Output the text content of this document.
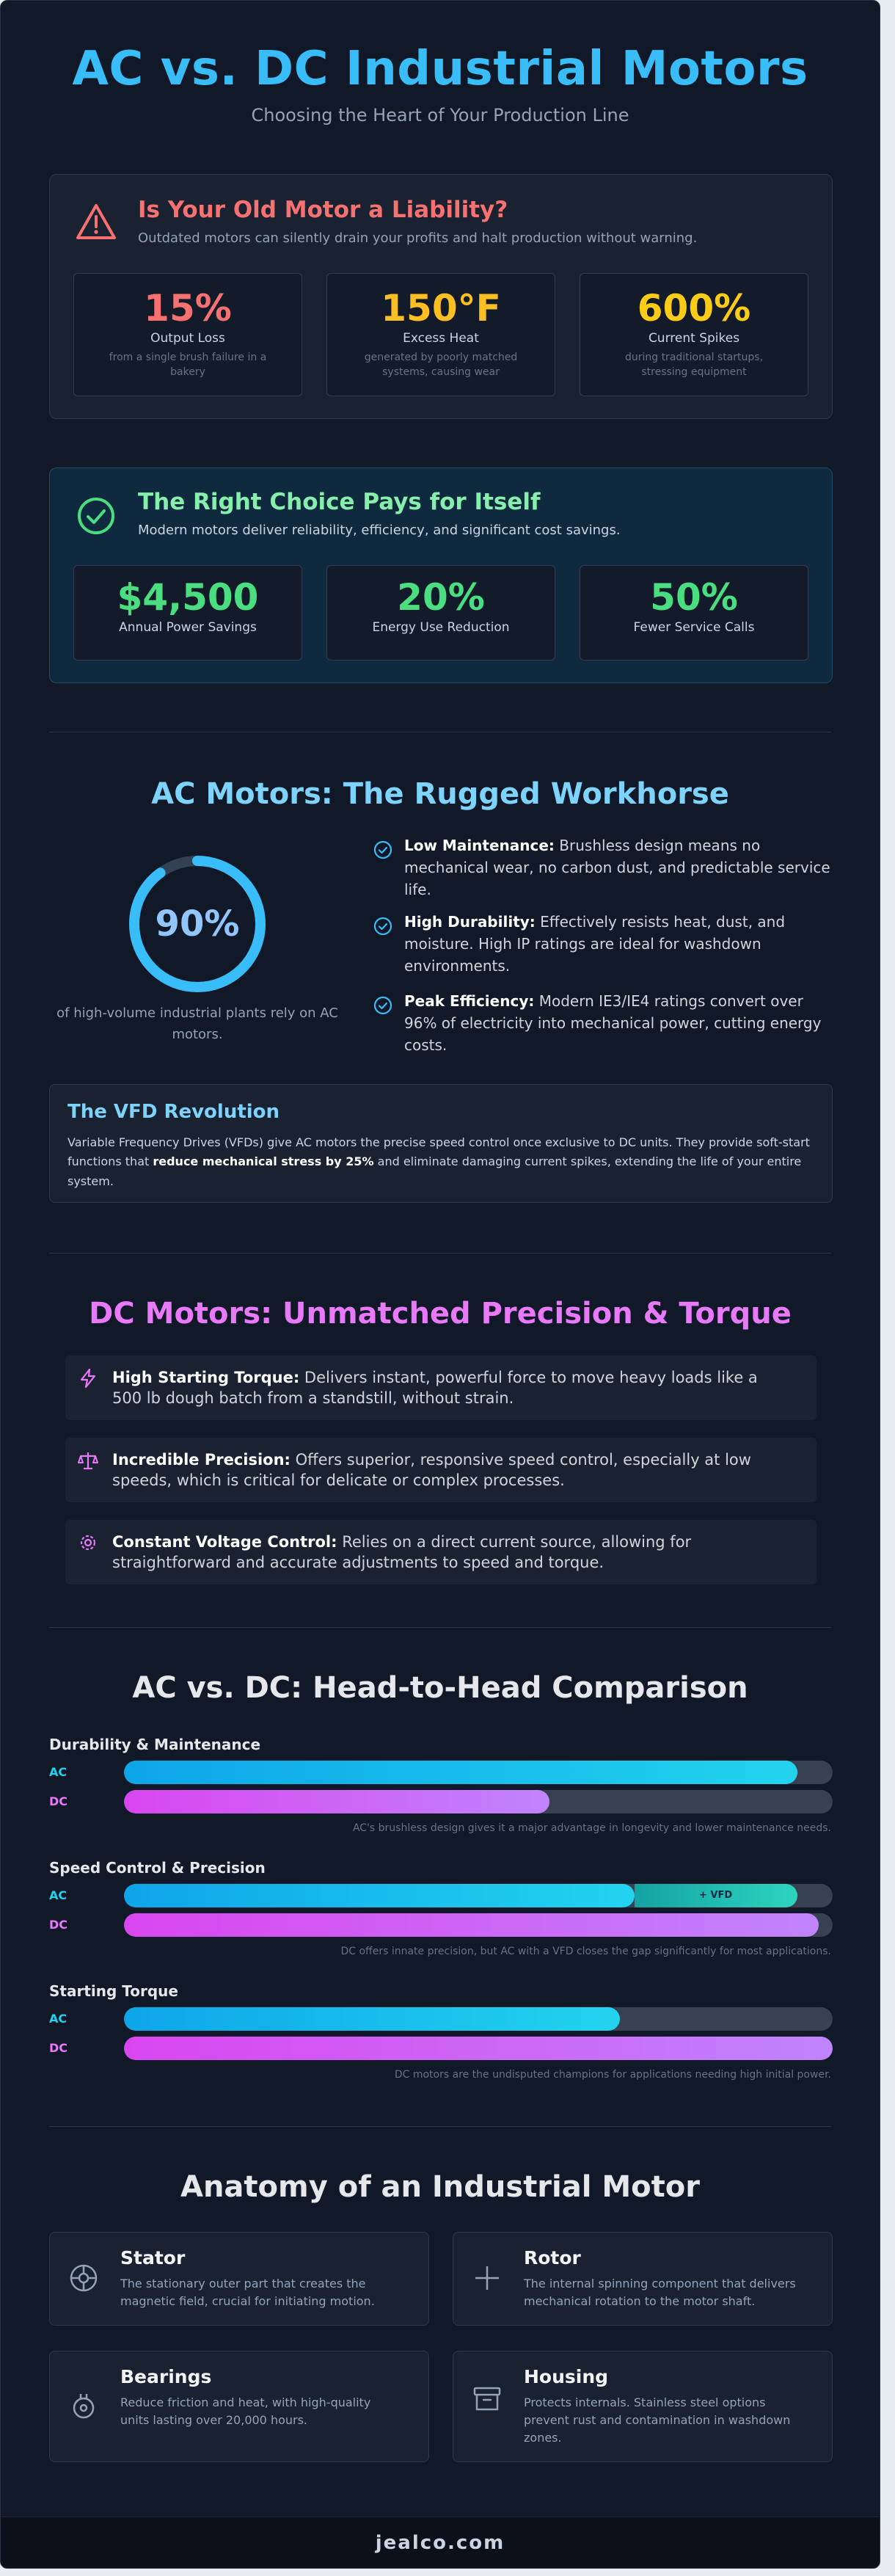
AC vs. DC Industrial Motors
Choosing the Heart of Your Production Line
Is Your Old Motor a Liability?
Outdated motors can silently drain your profits and halt production without warning.
15%
Output Loss
from a single brush failure in a bakery
150°F
Excess Heat
generated by poorly matched systems, causing wear
600%
Current Spikes
during traditional startups, stressing equipment
The Right Choice Pays for Itself
Modern motors deliver reliability, efficiency, and significant cost savings.
$4,500
Annual Power Savings
20%
Energy Use Reduction
50%
Fewer Service Calls
AC Motors: The Rugged Workhorse
90%
of high-volume industrial plants rely on AC motors.
Low Maintenance: Brushless design means no mechanical wear, no carbon dust, and predictable service life.
High Durability: Effectively resists heat, dust, and moisture. High IP ratings are ideal for washdown environments.
Peak Efficiency: Modern IE3/IE4 ratings convert over 96% of electricity into mechanical power, cutting energy costs.
The VFD Revolution
Variable Frequency Drives (VFDs) give AC motors the precise speed control once exclusive to DC units. They provide soft-start functions that reduce mechanical stress by 25% and eliminate damaging current spikes, extending the life of your entire system.
DC Motors: Unmatched Precision & Torque
High Starting Torque: Delivers instant, powerful force to move heavy loads like a 500 lb dough batch from a standstill, without strain.
Incredible Precision: Offers superior, responsive speed control, especially at low speeds, which is critical for delicate or complex processes.
Constant Voltage Control: Relies on a direct current source, allowing for straightforward and accurate adjustments to speed and torque.
AC vs. DC: Head-to-Head Comparison
Durability & Maintenance
AC
DC
AC's brushless design gives it a major advantage in longevity and lower maintenance needs.
Speed Control & Precision
AC	+ VFD
DC
DC offers innate precision, but AC with a VFD closes the gap significantly for most applications.
Starting Torque
AC
DC
DC motors are the undisputed champions for applications needing high initial power.
Anatomy of an Industrial Motor
Stator
The stationary outer part that creates the magnetic field, crucial for initiating motion.
Rotor
The internal spinning component that delivers mechanical rotation to the motor shaft.
Bearings
Reduce friction and heat, with high-quality units lasting over 20,000 hours.
Housing
Protects internals. Stainless steel options prevent rust and contamination in washdown zones.
jealco.com
